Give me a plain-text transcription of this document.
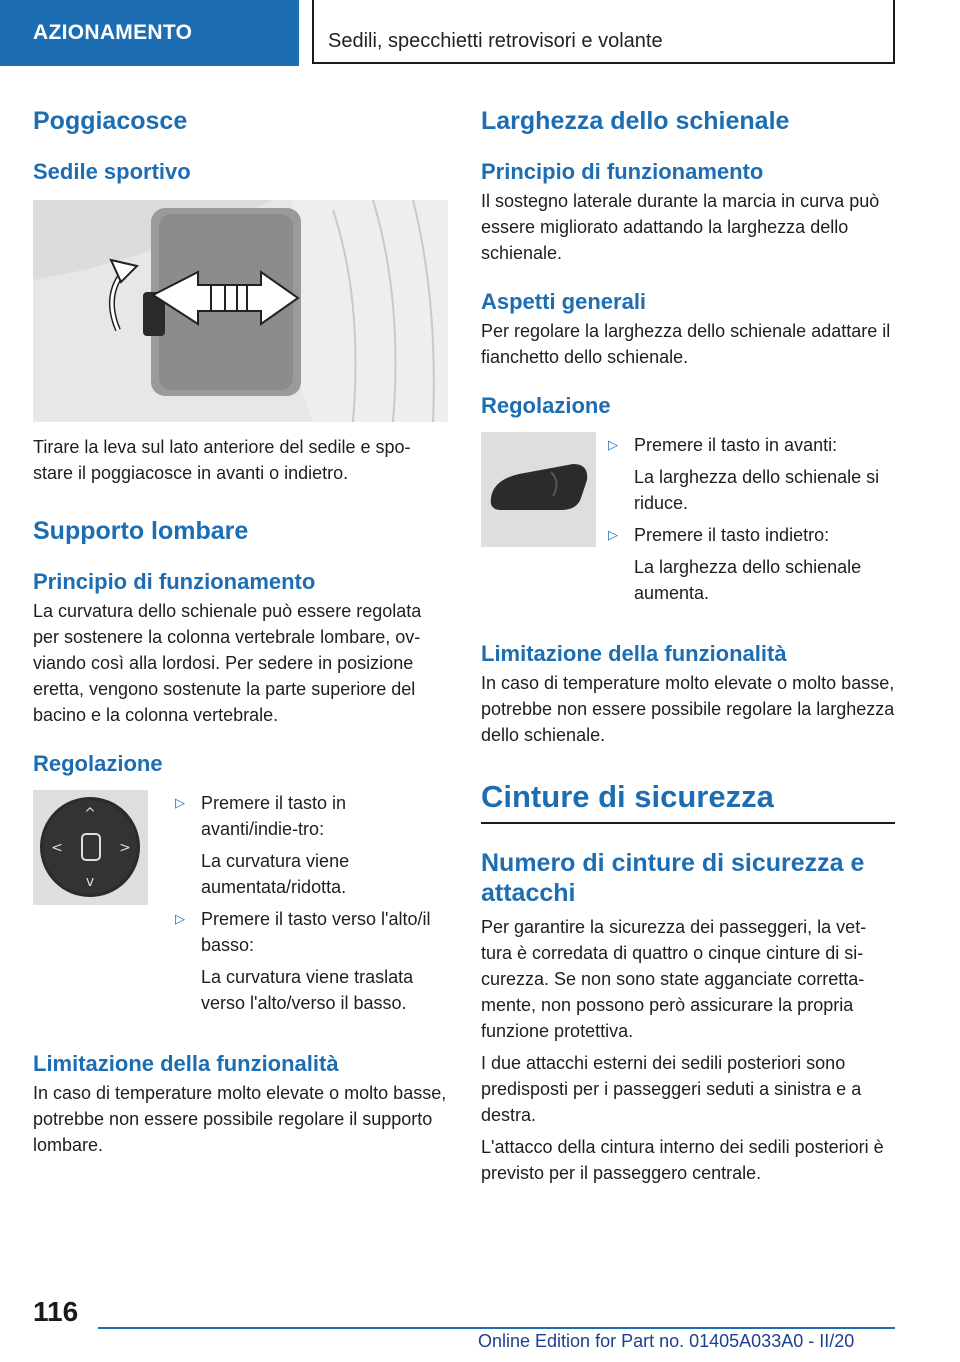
AZIONAMENTO	Sedili, specchietti retrovisori e volante
Poggiacosce
Sedile sportivo

Tirare la leva sul lato anteriore del sedile e spo-stare il poggiacosce in avanti o indietro.

Supporto lombare
Principio di funzionamento

La curvatura dello schienale può essere regolata per sostenere la colonna vertebrale lombare, ov-viando così alla lordosi. Per sedere in posizione eretta, vengono sostenute la parte superiore del bacino e la colonna vertebrale.

Regolazione
^
v
<	>
▷ Premere il tasto in avanti/indie-tro:

La curvatura viene aumentata/ridotta.

▷ Premere il tasto verso l'alto/il basso:

La curvatura viene traslata verso l'alto/verso il basso.

Limitazione della funzionalità

In caso di temperature molto elevate o molto basse, potrebbe non essere possibile regolare il supporto lombare.

Larghezza dello schienale
Principio di funzionamento

Il sostegno laterale durante la marcia in curva può essere migliorato adattando la larghezza dello schienale.

Aspetti generali

Per regolare la larghezza dello schienale adattare il fianchetto dello schienale.

Regolazione
▷ Premere il tasto in avanti:

La larghezza dello schienale si riduce.

▷ Premere il tasto indietro:

La larghezza dello schienale aumenta.

Limitazione della funzionalità

In caso di temperature molto elevate o molto basse, potrebbe non essere possibile regolare la larghezza dello schienale.

Cinture di sicurezza
Numero di cinture di sicurezza e attacchi

Per garantire la sicurezza dei passeggeri, la vet-tura è corredata di quattro o cinque cinture di si-curezza. Se non sono state agganciate corretta-mente, non possono però assicurare la propria funzione protettiva.

I due attacchi esterni dei sedili posteriori sono predisposti per i passeggeri seduti a sinistra e a destra.

L'attacco della cintura interno dei sedili posteriori è previsto per il passeggero centrale.

116
Online Edition for Part no. 01405A033A0 - II/20
